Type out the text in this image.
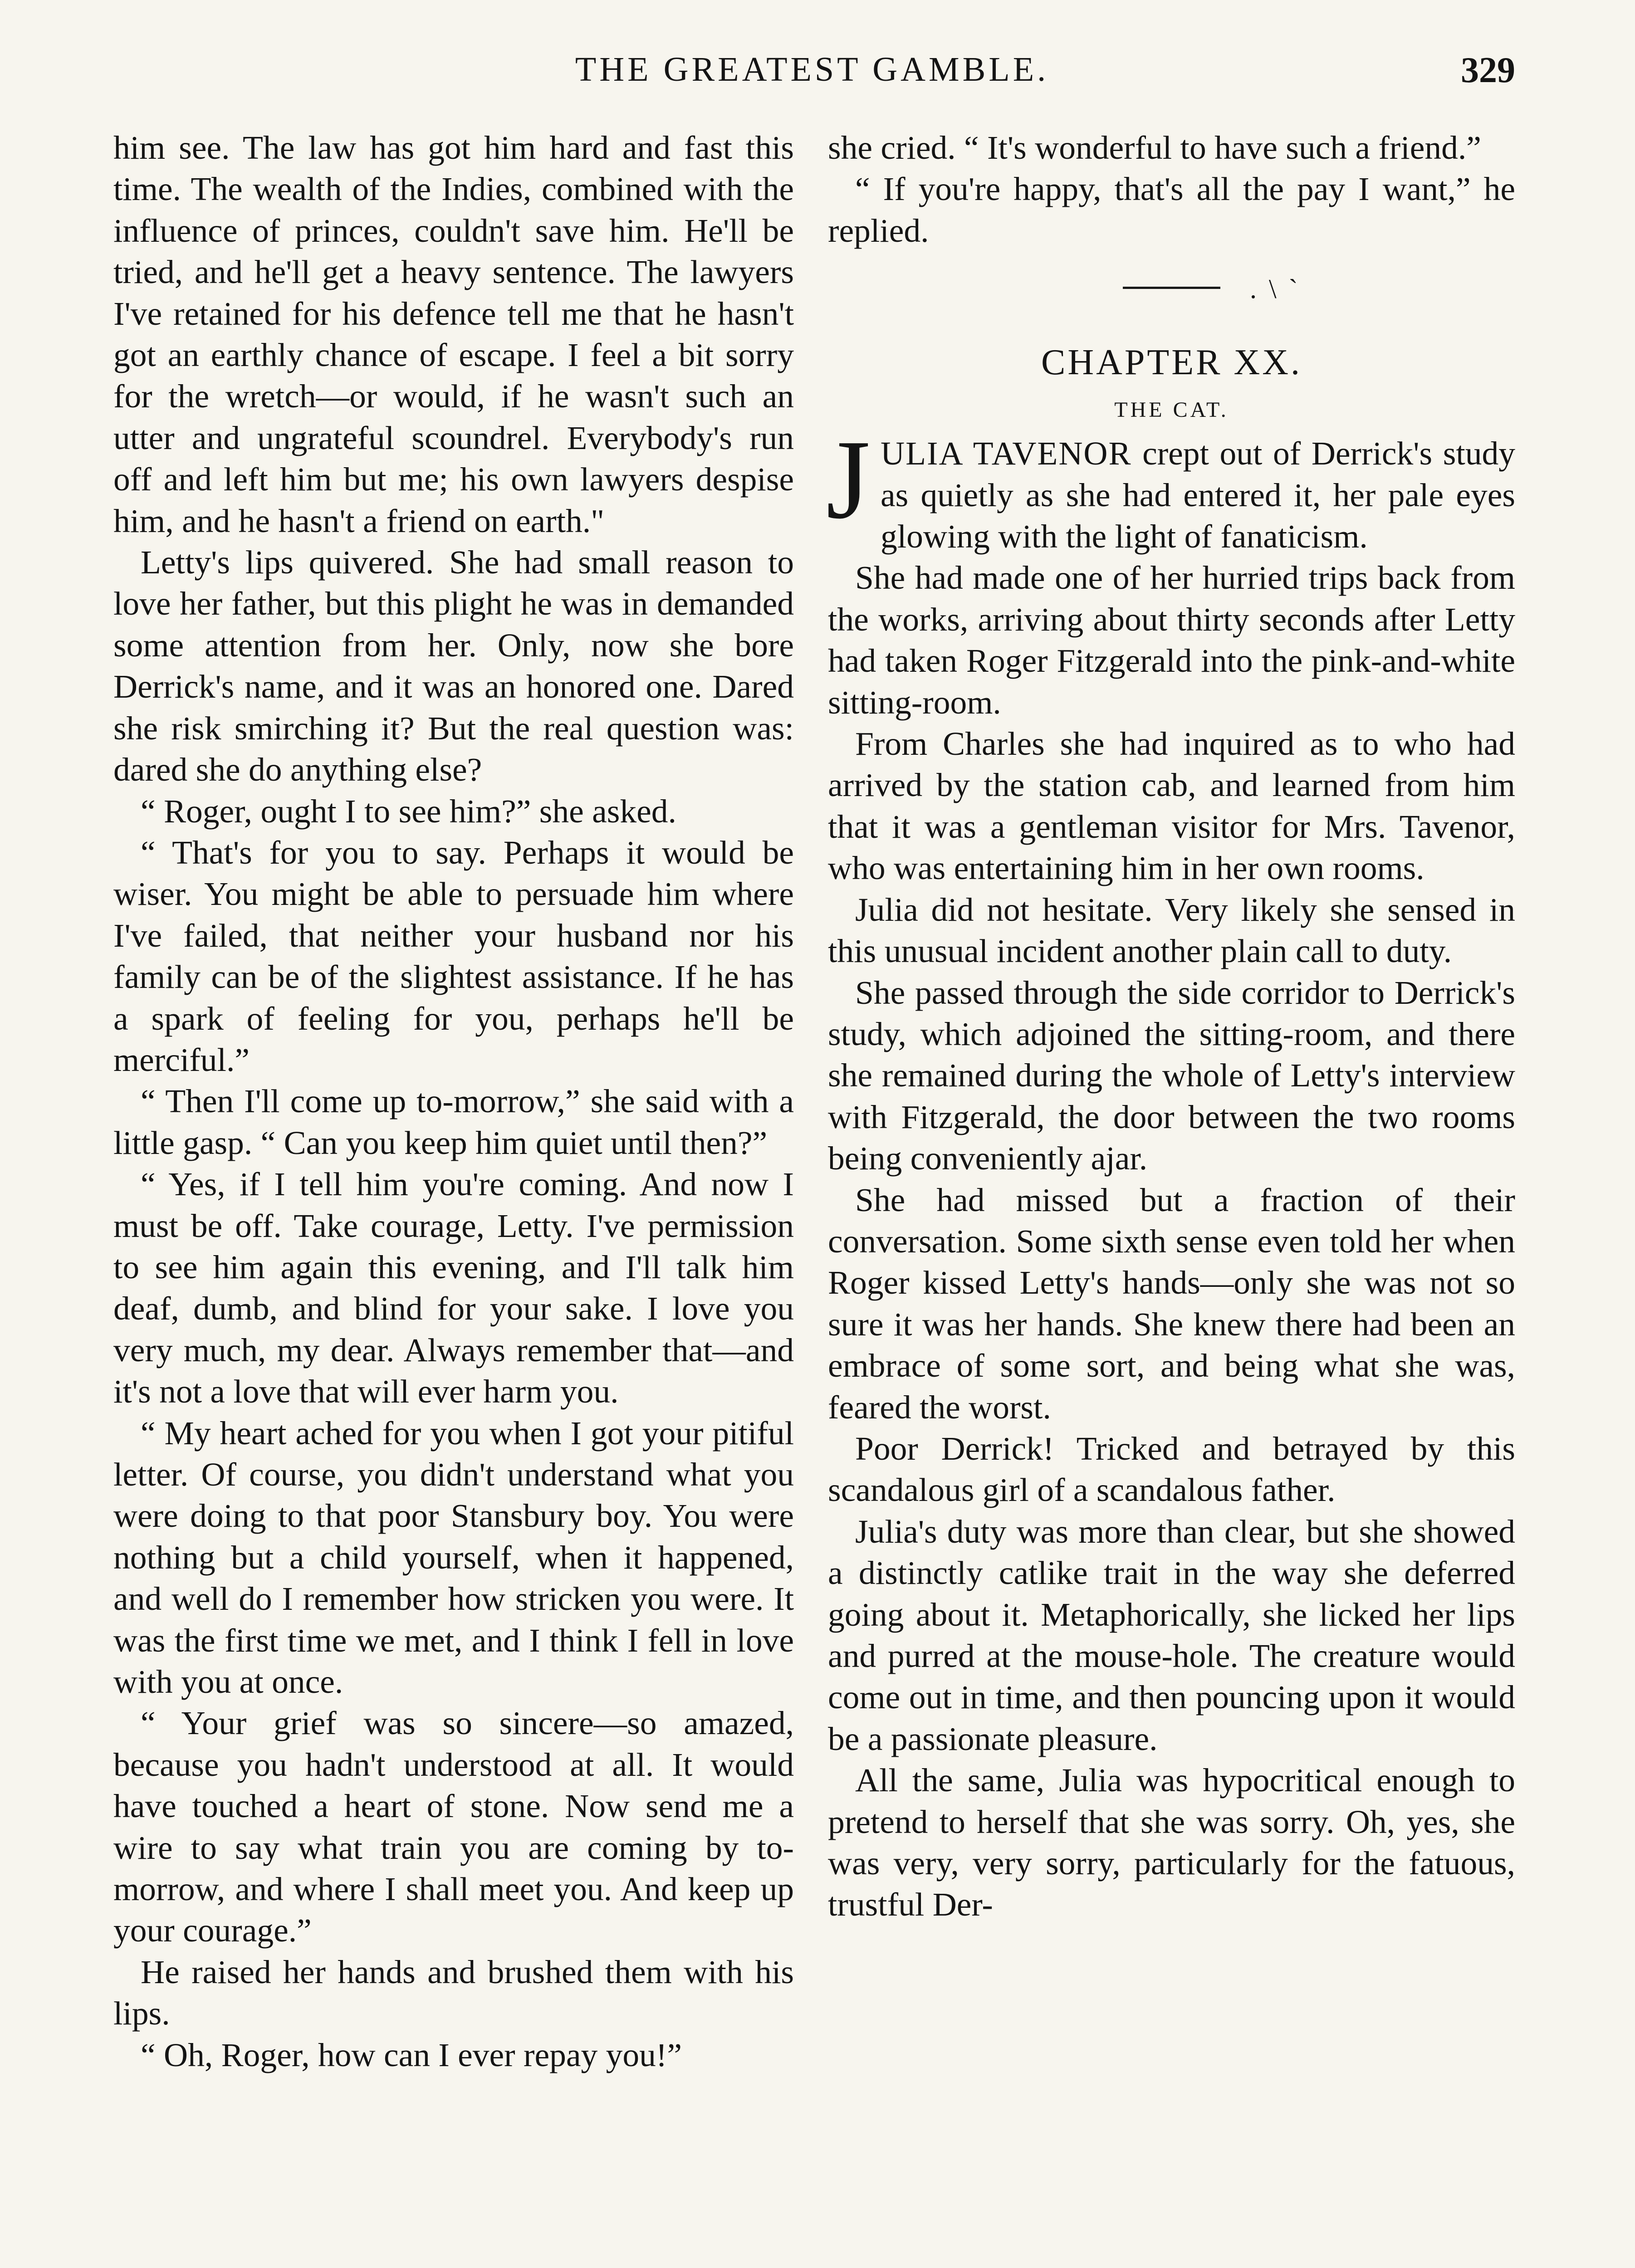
THE GREATEST GAMBLE.	329

him see. The law has got him hard and fast this time. The wealth of the Indies, combined with the influence of princes, couldn't save him. He'll be tried, and he'll get a heavy sentence. The lawyers I've retained for his defence tell me that he hasn't got an earthly chance of escape. I feel a bit sorry for the wretch—or would, if he wasn't such an utter and ungrateful scoundrel. Everybody's run off and left him but me; his own lawyers despise him, and he hasn't a friend on earth."

Letty's lips quivered. She had small reason to love her father, but this plight he was in demanded some attention from her. Only, now she bore Derrick's name, and it was an honored one. Dared she risk smirching it? But the real question was: dared she do anything else?

“ Roger, ought I to see him?” she asked.

“ That's for you to say. Perhaps it would be wiser. You might be able to persuade him where I've failed, that neither your husband nor his family can be of the slightest assistance. If he has a spark of feeling for you, perhaps he'll be merciful.”

“ Then I'll come up to-morrow,” she said with a little gasp. “ Can you keep him quiet until then?”

“ Yes, if I tell him you're coming. And now I must be off. Take courage, Letty. I've permission to see him again this evening, and I'll talk him deaf, dumb, and blind for your sake. I love you very much, my dear. Always remember that—and it's not a love that will ever harm you.

“ My heart ached for you when I got your pitiful letter. Of course, you didn't understand what you were doing to that poor Stansbury boy. You were nothing but a child yourself, when it happened, and well do I remember how stricken you were. It was the first time we met, and I think I fell in love with you at once.

“ Your grief was so sincere—so amazed, because you hadn't understood at all. It would have touched a heart of stone. Now send me a wire to say what train you are coming by to-morrow, and where I shall meet you. And keep up your courage.”

He raised her hands and brushed them with his lips.

“ Oh, Roger, how can I ever repay you!”

she cried. “ It's wonderful to have such a friend.”

“ If you're happy, that's all the pay I want,” he replied.

. \ `
CHAPTER XX.
THE CAT.

JULIA TAVENOR crept out of Derrick's study as quietly as she had entered it, her pale eyes glowing with the light of fanaticism.

She had made one of her hurried trips back from the works, arriving about thirty seconds after Letty had taken Roger Fitzgerald into the pink-and-white sitting-room.

From Charles she had inquired as to who had arrived by the station cab, and learned from him that it was a gentleman visitor for Mrs. Tavenor, who was entertaining him in her own rooms.

Julia did not hesitate. Very likely she sensed in this unusual incident another plain call to duty.

She passed through the side corridor to Derrick's study, which adjoined the sitting-room, and there she remained during the whole of Letty's interview with Fitzgerald, the door between the two rooms being conveniently ajar.

She had missed but a fraction of their conversation. Some sixth sense even told her when Roger kissed Letty's hands—only she was not so sure it was her hands. She knew there had been an embrace of some sort, and being what she was, feared the worst.

Poor Derrick! Tricked and betrayed by this scandalous girl of a scandalous father.

Julia's duty was more than clear, but she showed a distinctly catlike trait in the way she deferred going about it. Metaphorically, she licked her lips and purred at the mouse-hole. The creature would come out in time, and then pouncing upon it would be a passionate pleasure.

All the same, Julia was hypocritical enough to pretend to herself that she was sorry. Oh, yes, she was very, very sorry, particularly for the fatuous, trustful Der-
